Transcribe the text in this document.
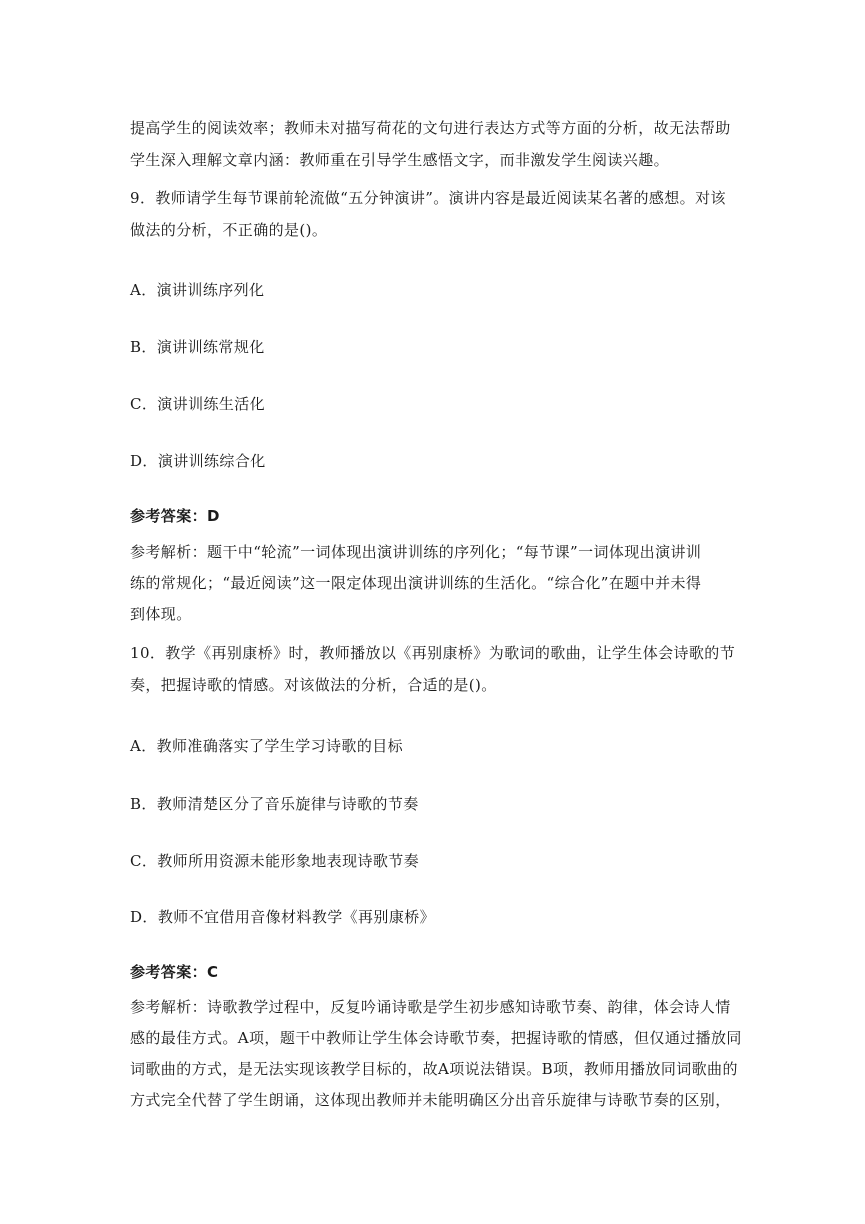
提高学生的阅读效率；教师未对描写荷花的文句进行表达方式等方面的分析，故无法帮助
学生深入理解文章内涵：教师重在引导学生感悟文字，而非激发学生阅读兴趣。
9．教师请学生每节课前轮流做“五分钟演讲”。演讲内容是最近阅读某名著的感想。对该
做法的分析，不正确的是()。
A．演讲训练序列化
B．演讲训练常规化
C．演讲训练生活化
D．演讲训练综合化
参考答案：D
参考解析：题干中“轮流”一词体现出演讲训练的序列化；“每节课”一词体现出演讲训
练的常规化；“最近阅读”这一限定体现出演讲训练的生活化。“综合化”在题中并未得
到体现。
10．教学《再别康桥》时，教师播放以《再别康桥》为歌词的歌曲，让学生体会诗歌的节
奏，把握诗歌的情感。对该做法的分析，合适的是()。
A．教师准确落实了学生学习诗歌的目标
B．教师清楚区分了音乐旋律与诗歌的节奏
C．教师所用资源未能形象地表现诗歌节奏
D．教师不宜借用音像材料教学《再别康桥》
参考答案：C
参考解析：诗歌教学过程中，反复吟诵诗歌是学生初步感知诗歌节奏、韵律，体会诗人情
感的最佳方式。A项，题干中教师让学生体会诗歌节奏，把握诗歌的情感，但仅通过播放同
词歌曲的方式，是无法实现该教学目标的，故A项说法错误。B项，教师用播放同词歌曲的
方式完全代替了学生朗诵，这体现出教师并未能明确区分出音乐旋律与诗歌节奏的区别，
